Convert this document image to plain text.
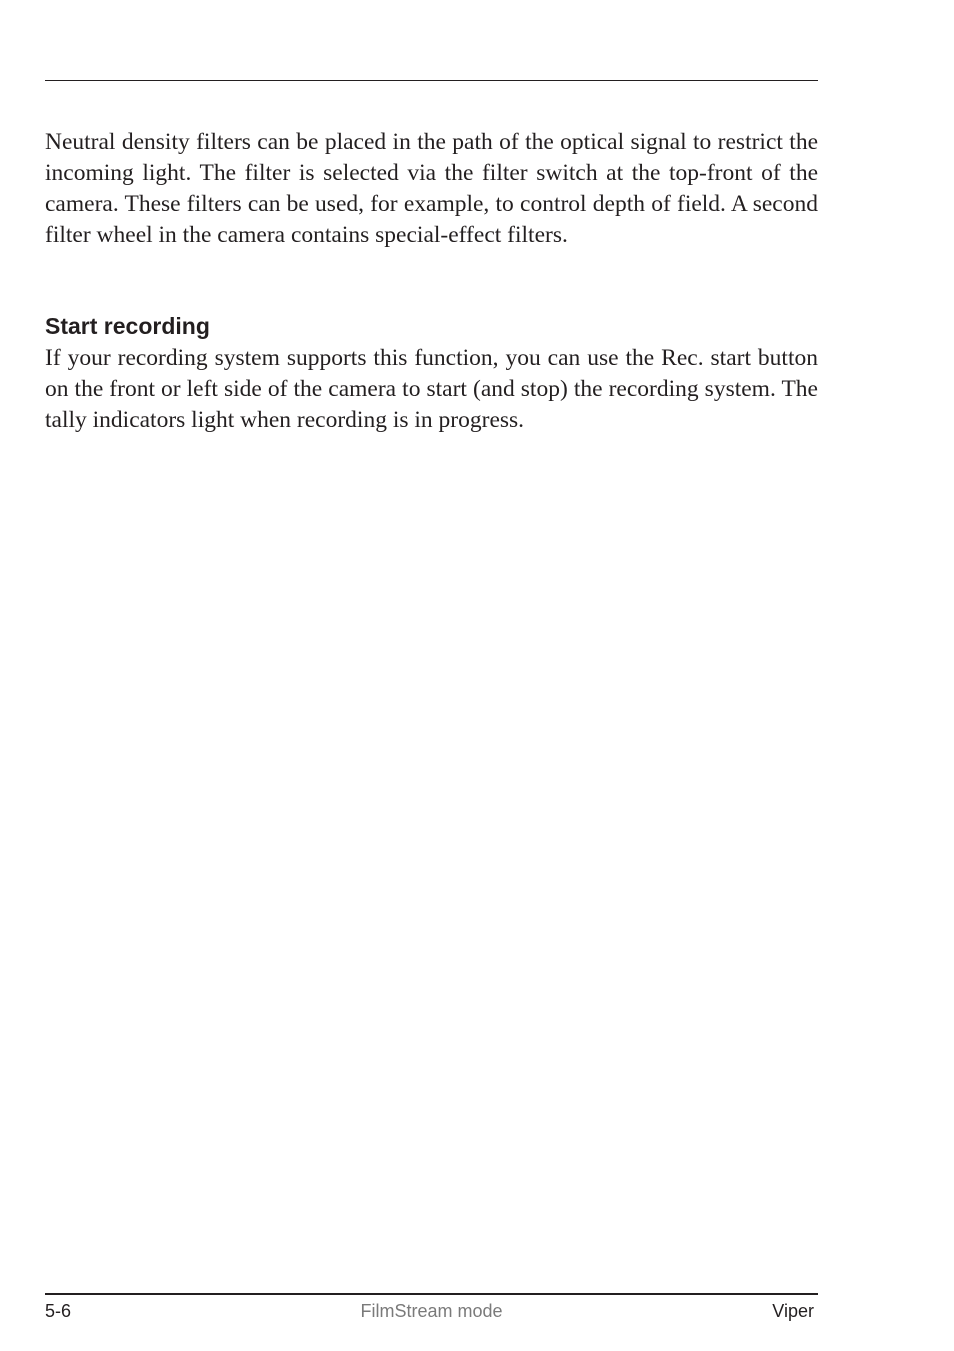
Neutral density filters can be placed in the path of the optical signal to restrict the incoming light. The filter is selected via the filter switch at the top-front of the camera. These filters can be used, for example, to control depth of field. A second filter wheel in the camera contains special-effect filters.

Start recording

If your recording system supports this function, you can use the Rec. start button on the front or left side of the camera to start (and stop) the recording system. The tally indicators light when recording is in progress.

5-6	FilmStream mode	Viper
